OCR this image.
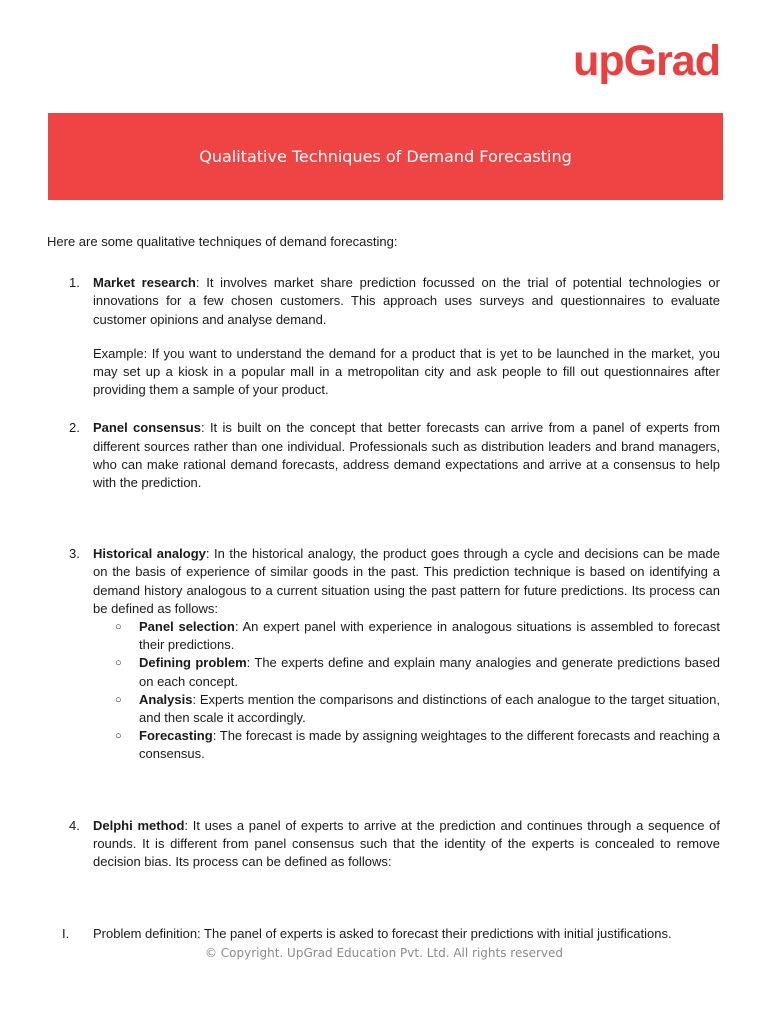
upGrad
Qualitative Techniques of Demand Forecasting

Here are some qualitative techniques of demand forecasting:

1. Market research: It involves market share prediction focussed on the trial of potential technologies or innovations for a few chosen customers. This approach uses surveys and questionnaires to evaluate customer opinions and analyse demand.

Example: If you want to understand the demand for a product that is yet to be launched in the market, you may set up a kiosk in a popular mall in a metropolitan city and ask people to fill out questionnaires after providing them a sample of your product.

2. Panel consensus: It is built on the concept that better forecasts can arrive from a panel of experts from different sources rather than one individual. Professionals such as distribution leaders and brand managers, who can make rational demand forecasts, address demand expectations and arrive at a consensus to help with the prediction.

3. Historical analogy: In the historical analogy, the product goes through a cycle and decisions can be made on the basis of experience of similar goods in the past. This prediction technique is based on identifying a demand history analogous to a current situation using the past pattern for future predictions. Its process can be defined as follows:

○ Panel selection: An expert panel with experience in analogous situations is assembled to forecast their predictions.
○ Defining problem: The experts define and explain many analogies and generate predictions based on each concept.
○ Analysis: Experts mention the comparisons and distinctions of each analogue to the target situation, and then scale it accordingly.
○ Forecasting: The forecast is made by assigning weightages to the different forecasts and reaching a consensus.
4. Delphi method: It uses a panel of experts to arrive at the prediction and continues through a sequence of rounds. It is different from panel consensus such that the identity of the experts is concealed to remove decision bias. Its process can be defined as follows:

I. Problem definition: The panel of experts is asked to forecast their predictions with initial justifications.

© Copyright. UpGrad Education Pvt. Ltd. All rights reserved
